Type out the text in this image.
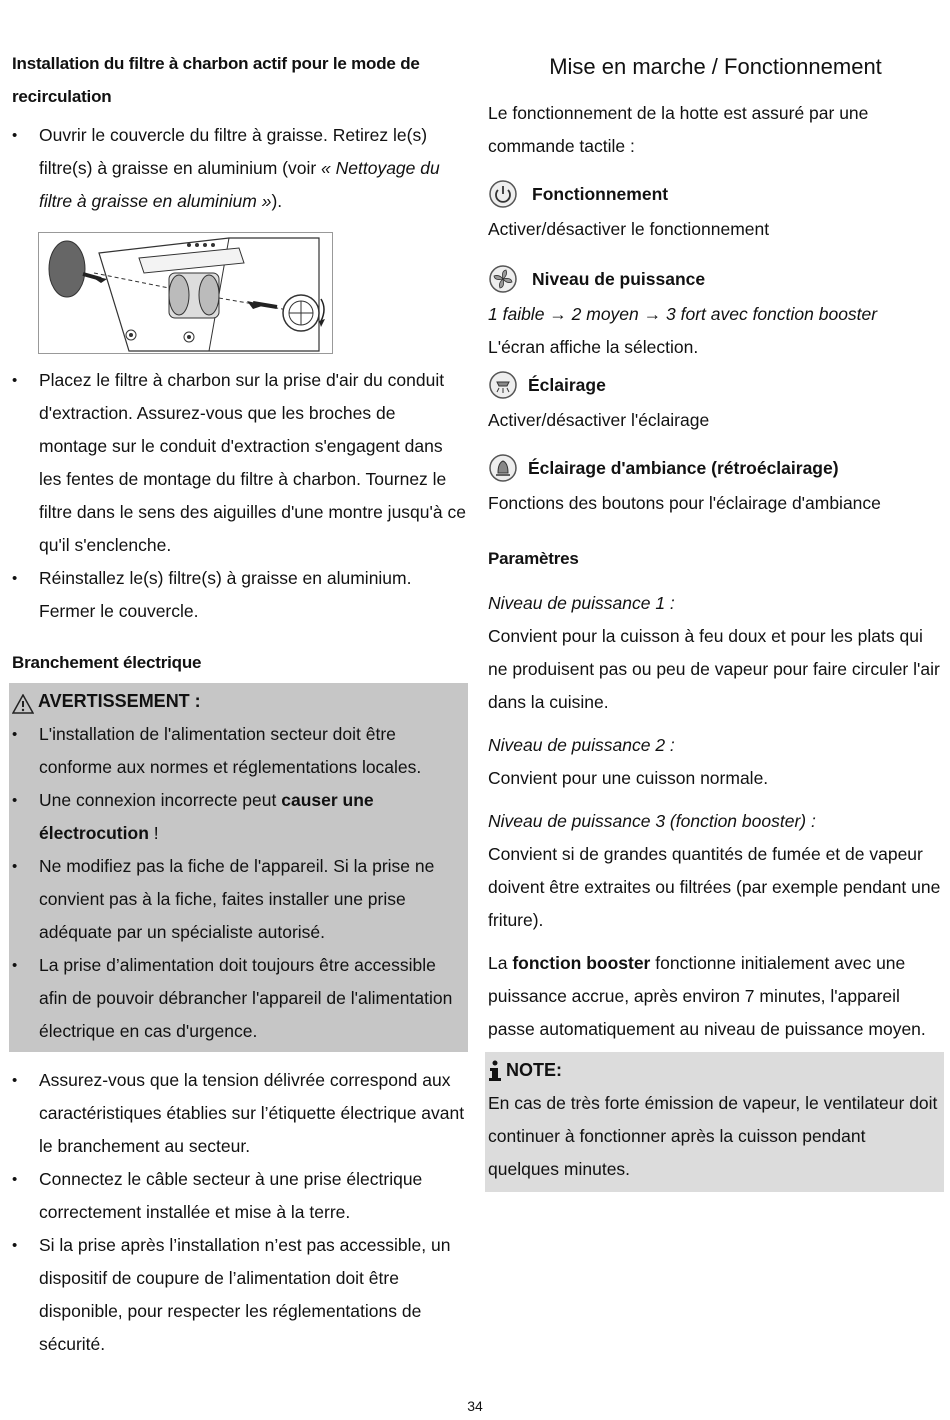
Installation du filtre à charbon actif pour le mode de recirculation

• Ouvrir le couvercle du filtre à graisse. Retirez le(s) filtre(s) à graisse en aluminium (voir « Nettoyage du filtre à graisse en aluminium »).
• Placez le filtre à charbon sur la prise d'air du conduit d'extraction. Assurez-vous que les broches de montage sur le conduit d'extraction s'engagent dans les fentes de montage du filtre à charbon. Tournez le filtre dans le sens des aiguilles d'une montre jusqu'à ce qu'il s'enclenche.
• Réinstallez le(s) filtre(s) à graisse en aluminium. Fermer le couvercle.

Branchement électrique

AVERTISSEMENT :
• L'installation de l'alimentation secteur doit être conforme aux normes et réglementations locales.
• Une connexion incorrecte peut causer une électrocution !
• Ne modifiez pas la fiche de l'appareil. Si la prise ne convient pas à la fiche, faites installer une prise adéquate par un spécialiste autorisé.
• La prise d’alimentation doit toujours être accessible afin de pouvoir débrancher l'appareil de l'alimentation électrique en cas d'urgence.
• Assurez-vous que la tension délivrée correspond aux caractéristiques établies sur l’étiquette électrique avant le branchement au secteur.
• Connectez le câble secteur à une prise électrique correctement installée et mise à la terre.
• Si la prise après l’installation n’est pas accessible, un dispositif de coupure de l’alimentation doit être disponible, pour respecter les réglementations de sécurité.

Mise en marche / Fonctionnement

Le fonctionnement de la hotte est assuré par une commande tactile :

Fonctionnement

Activer/désactiver le fonctionnement

Niveau de puissance

1 faible → 2 moyen → 3 fort avec fonction booster

L'écran affiche la sélection.

Éclairage

Activer/désactiver l'éclairage

Éclairage d'ambiance (rétroéclairage)

Fonctions des boutons pour l'éclairage d'ambiance

Paramètres

Niveau de puissance 1 :

Convient pour la cuisson à feu doux et pour les plats qui ne produisent pas ou peu de vapeur pour faire circuler l'air dans la cuisine.

Niveau de puissance 2 :

Convient pour une cuisson normale.

Niveau de puissance 3 (fonction booster) :

Convient si de grandes quantités de fumée et de vapeur doivent être extraites ou filtrées (par exemple pendant une friture).

La fonction booster fonctionne initialement avec une puissance accrue, après environ 7 minutes, l'appareil passe automatiquement au niveau de puissance moyen.

NOTE:

En cas de très forte émission de vapeur, le ventilateur doit continuer à fonctionner après la cuisson pendant quelques minutes.

34
